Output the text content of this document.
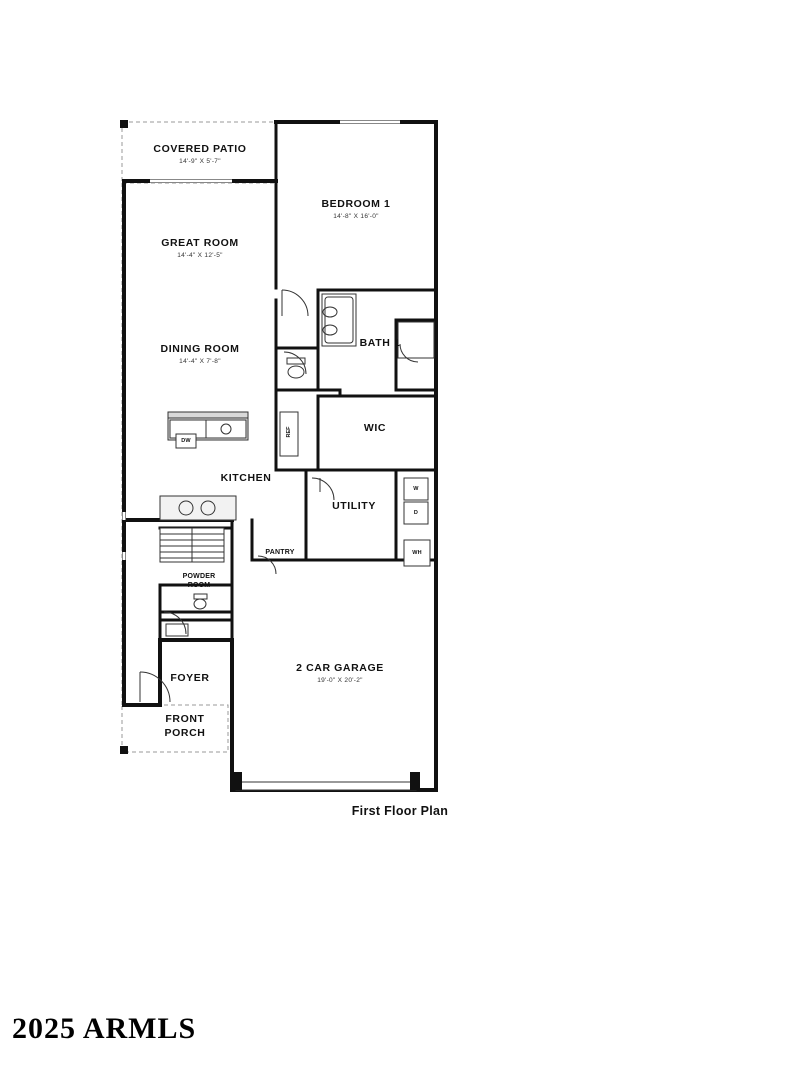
COVERED PATIO
14'-9" X 5'-7"
BEDROOM 1
14'-8" X 16'-0"
GREAT ROOM
14'-4" X 12'-5"
DINING ROOM
14'-4" X 7'-8"
BATH 1
WIC
KITCHEN
UTILITY
PANTRY
POWDER
ROOM
FOYER
FRONT
PORCH
2 CAR GARAGE
19'-0" X 20'-2"
DW
REF
W
D
WH
First Floor Plan
2025 ARMLS
